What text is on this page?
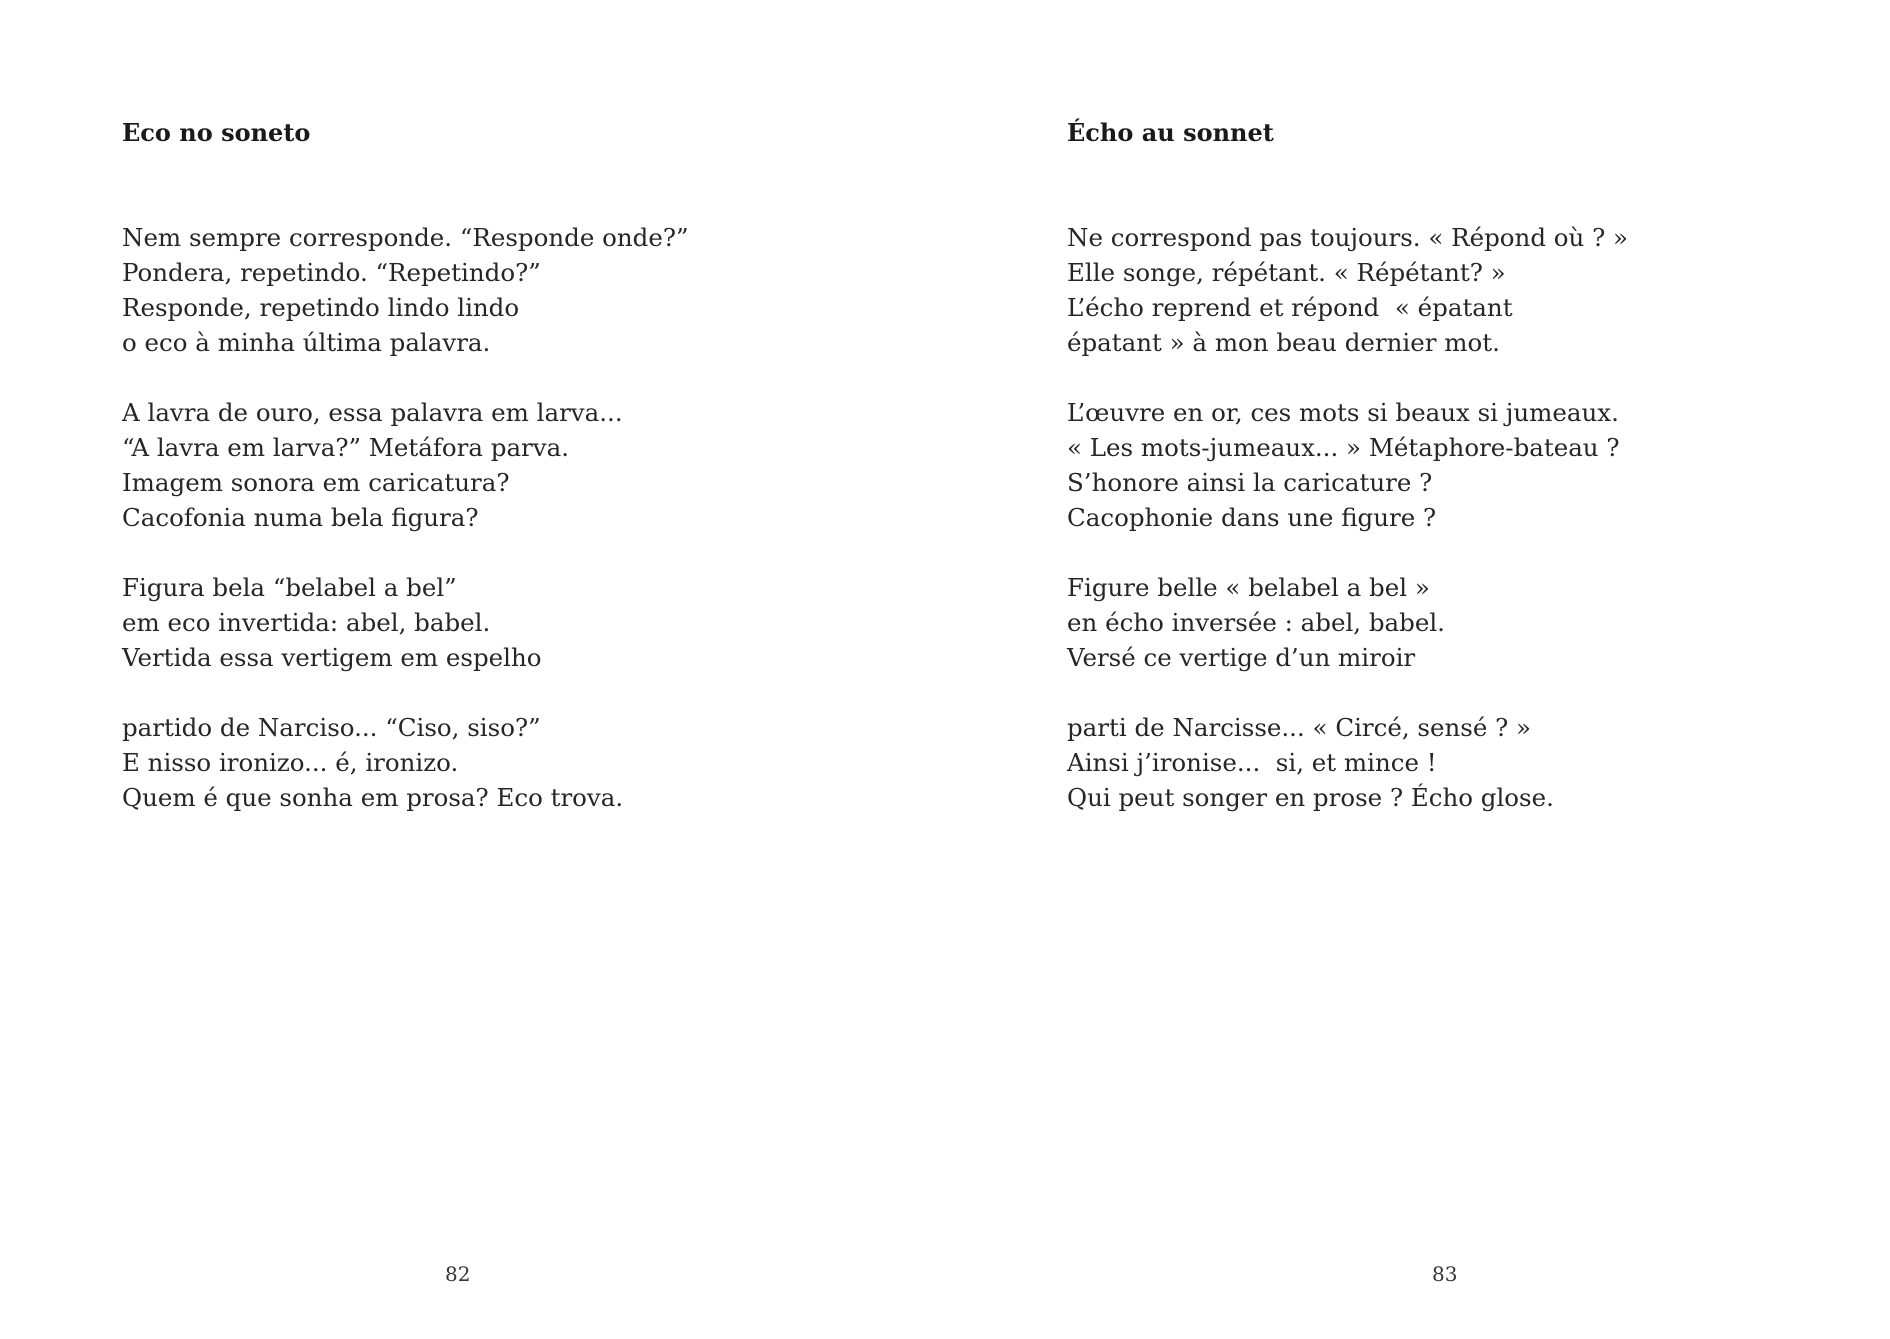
Eco no soneto
Nem sempre corresponde. “Responde onde?”
Pondera, repetindo. “Repetindo?”
Responde, repetindo lindo lindo
o eco à minha última palavra.
A lavra de ouro, essa palavra em larva...
“A lavra em larva?” Metáfora parva.
Imagem sonora em caricatura?
Cacofonia numa bela figura?
Figura bela “belabel a bel”
em eco invertida: abel, babel.
Vertida essa vertigem em espelho
partido de Narciso... “Ciso, siso?”
E nisso ironizo... é, ironizo.
Quem é que sonha em prosa? Eco trova.
82
Écho au sonnet
Ne correspond pas toujours. « Répond où ? »
Elle songe, répétant. « Répétant? »
L’écho reprend et répond  « épatant
épatant » à mon beau dernier mot.
L’œuvre en or, ces mots si beaux si jumeaux.
« Les mots-jumeaux... » Métaphore-bateau ?
S’honore ainsi la caricature ?
Cacophonie dans une figure ?
Figure belle « belabel a bel »
en écho inversée : abel, babel.
Versé ce vertige d’un miroir
parti de Narcisse... « Circé, sensé ? »
Ainsi j’ironise...  si, et mince !
Qui peut songer en prose ? Écho glose.
83
